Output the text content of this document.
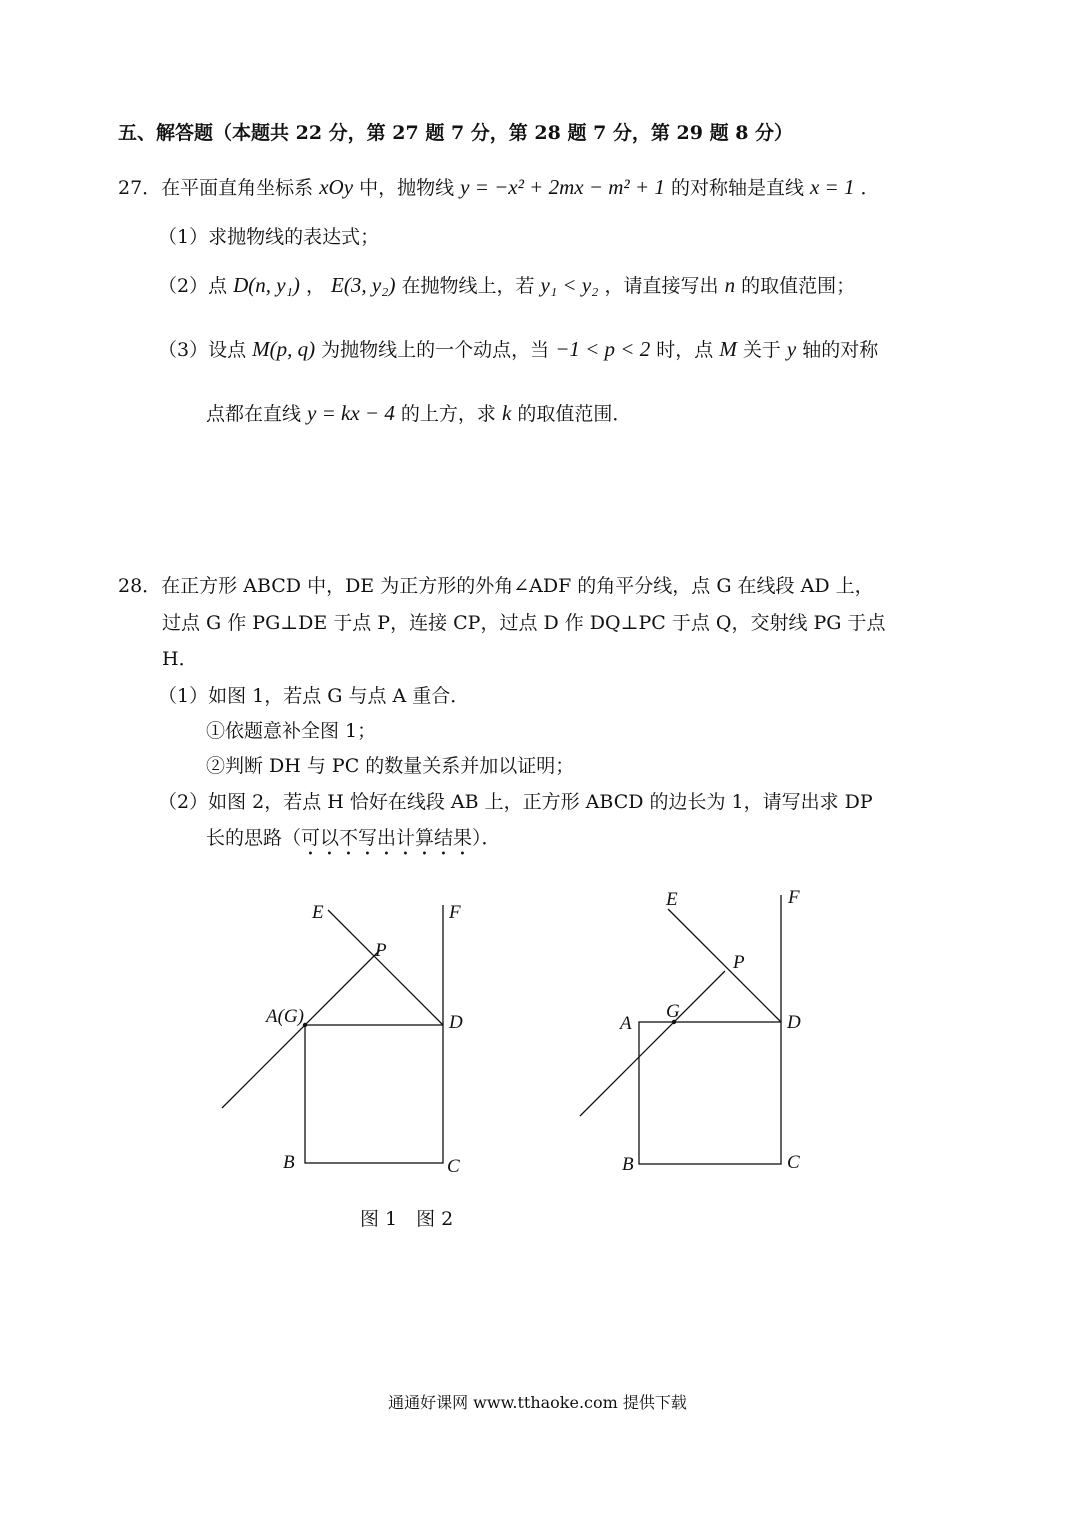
五、解答题（本题共 22 分，第 27 题 7 分，第 28 题 7 分，第 29 题 8 分）
27．在平面直角坐标系 xOy 中，抛物线 y = −x² + 2mx − m² + 1 的对称轴是直线 x = 1 ．
（1）求抛物线的表达式；
（2）点 D(n, y₁) ， E(3, y₂) 在抛物线上，若 y₁ < y₂ ，请直接写出 n 的取值范围；
（3）设点 M(p, q) 为抛物线上的一个动点，当 −1 < p < 2 时，点 M 关于 y 轴的对称
点都在直线 y = kx − 4 的上方，求 k 的取值范围．
28．在正方形 ABCD 中，DE 为正方形的外角∠ADF 的角平分线，点 G 在线段 AD 上，
过点 G 作 PG⊥DE 于点 P，连接 CP，过点 D 作 DQ⊥PC 于点 Q，交射线 PG 于点
H．
（1）如图 1，若点 G 与点 A 重合．
①依题意补全图 1；
②判断 DH 与 PC 的数量关系并加以证明；
（2）如图 2，若点 H 恰好在线段 AB 上，正方形 ABCD 的边长为 1，请写出求 DP
长的思路（可以不写出计算结果）．
E	F
P
A(G)	D
B	C
E	F
P
G
A	D
B	C
图 1　图 2
通通好课网 www.tthaoke.com 提供下载
